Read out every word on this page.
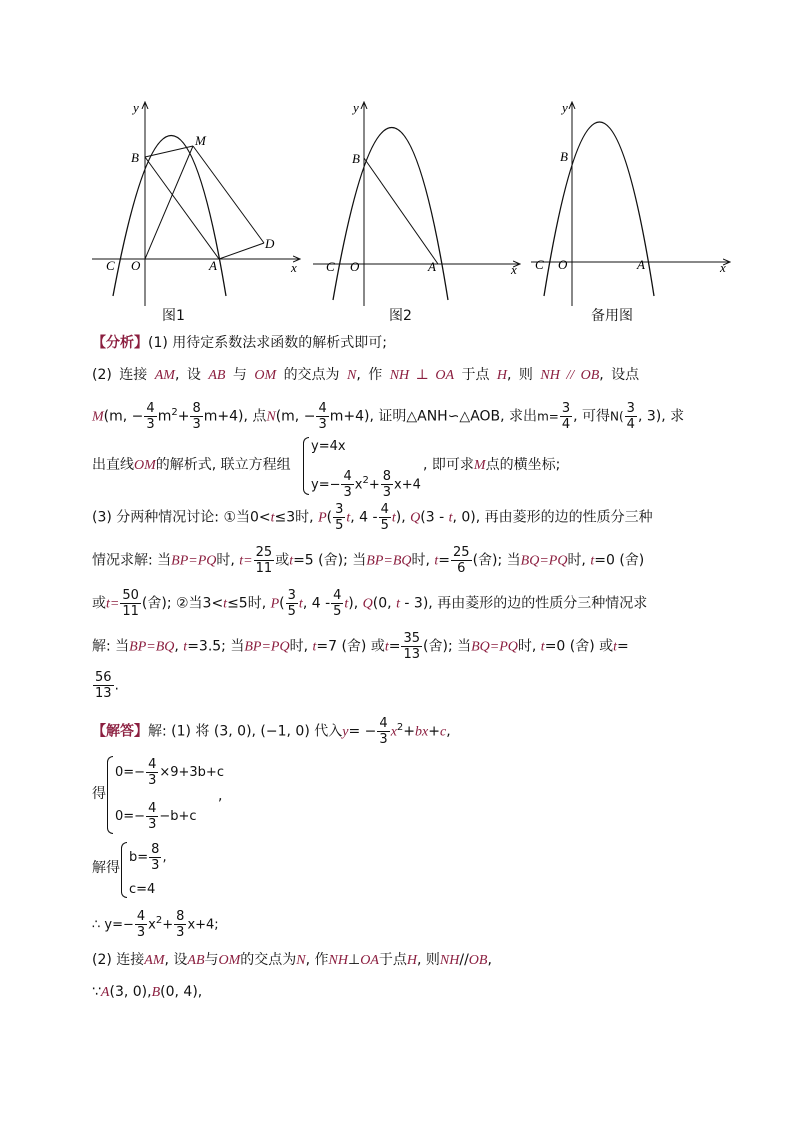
y
x
B
M
D
C O	A
y
x
B
C O	A
y
x
B
C O	A
图1	图2	备用图
【分析】(1) 用待定系数法求函数的解析式即可;
(2) 连接 AM, 设 AB 与 OM 的交点为 N, 作 NH ⊥ OA 于点 H, 则 NH // OB, 设点
M(m, − $\frac{4}{3} m^2+ \frac{8}{3} m+4$), 点N(m, − $\frac{4}{3} m+4$), 证明△ANH∽△AOB, 求出$m= \frac{3}{4}$ , 可得$N( \frac{3}{4}$ , 3), 求
出直线OM的解析式, 联立方程组
y=4x
$y=- \frac{4}{3} x^2+ \frac{8}{3} x+4$
, 即可求M点的横坐标;
(3) 分两种情况讨论: ①当0<t≤3时, $P( \frac{3}{5} t$, $4 - \frac{4}{5} t$), Q(3 - t, 0), 再由菱形的边的性质分三种
情况求解: 当BP=PQ时, $t= \frac{25}{11}$ 或t=5 (舍); 当BP=BQ时, $t= \frac{25}{6}$ (舍); 当BQ=PQ时, t=0 (舍)
或$t= \frac{50}{11}$ (舍); ②当3<t≤5时, $P( \frac{3}{5} t$, $4 - \frac{4}{5} t$), Q(0, t - 3), 再由菱形的边的性质分三种情况求
解: 当BP=BQ, t=3.5; 当BP=PQ时, t=7 (舍) 或$t= \frac{35}{13}$ (舍); 当BQ=PQ时, t=0 (舍) 或t=
$\frac{56}{13}$ .
【解答】解: (1) 将 (3, 0), (−1, 0) 代入$y= - \frac{4}{3} x^2+bx+c$,
得
$0=- \frac{4}{3} \times 9+3b+c$
$0=- \frac{4}{3} -b+c$
,
解得
$b= \frac{8}{3}$ ,
c=4
∴ $y=- \frac{4}{3} x^2+ \frac{8}{3} x+4$;
(2) 连接AM, 设AB与OM的交点为N, 作NH⊥OA于点H, 则NH//OB,
∵A(3, 0),B(0, 4),
